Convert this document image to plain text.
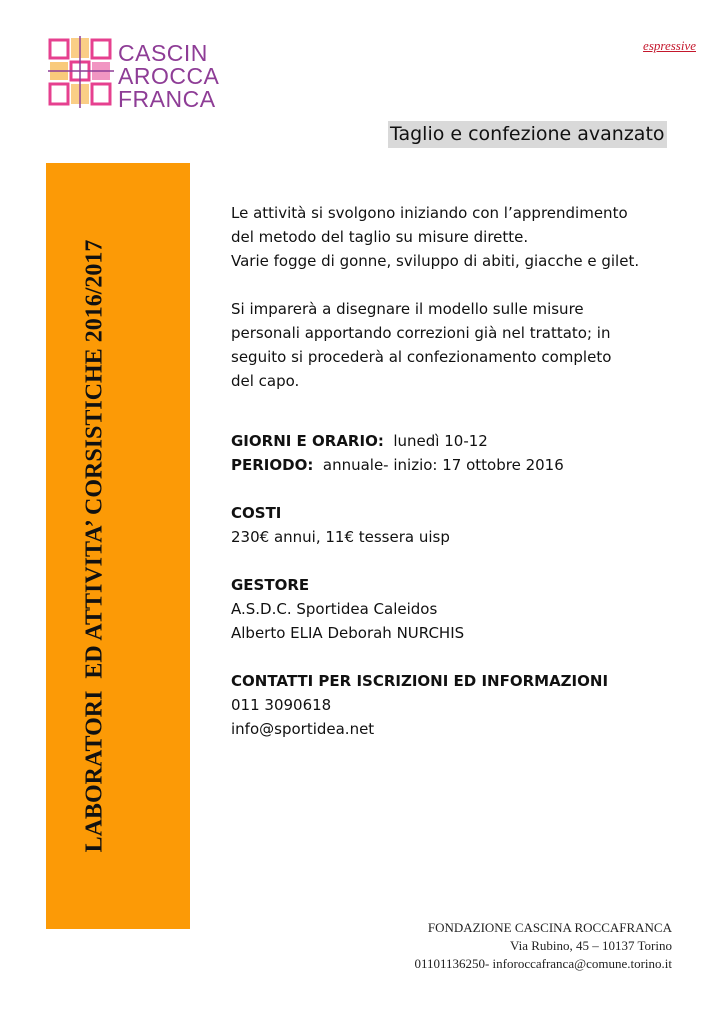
CASCIN
AROCCA
FRANCA
espressive
Taglio e confezione avanzato
LABORATORI  ED ATTIVITA’ CORSISTICHE 2016/2017

Le attività si svolgono iniziando con l’apprendimento

del metodo del taglio su misure dirette.

Varie fogge di gonne, sviluppo di abiti, giacche e gilet.

Si imparerà a disegnare il modello sulle misure

personali apportando correzioni già nel trattato; in

seguito si procederà al confezionamento completo

del capo.

GIORNI E ORARIO: lunedì 10-12

PERIODO: annuale- inizio: 17 ottobre 2016

COSTI

230€ annui, 11€ tessera uisp

GESTORE

A.S.D.C. Sportidea Caleidos

Alberto ELIA Deborah NURCHIS

CONTATTI PER ISCRIZIONI ED INFORMAZIONI

011 3090618

info@sportidea.net

FONDAZIONE CASCINA ROCCAFRANCA
Via Rubino, 45 – 10137 Torino
01101136250- inforoccafranca@comune.torino.it
